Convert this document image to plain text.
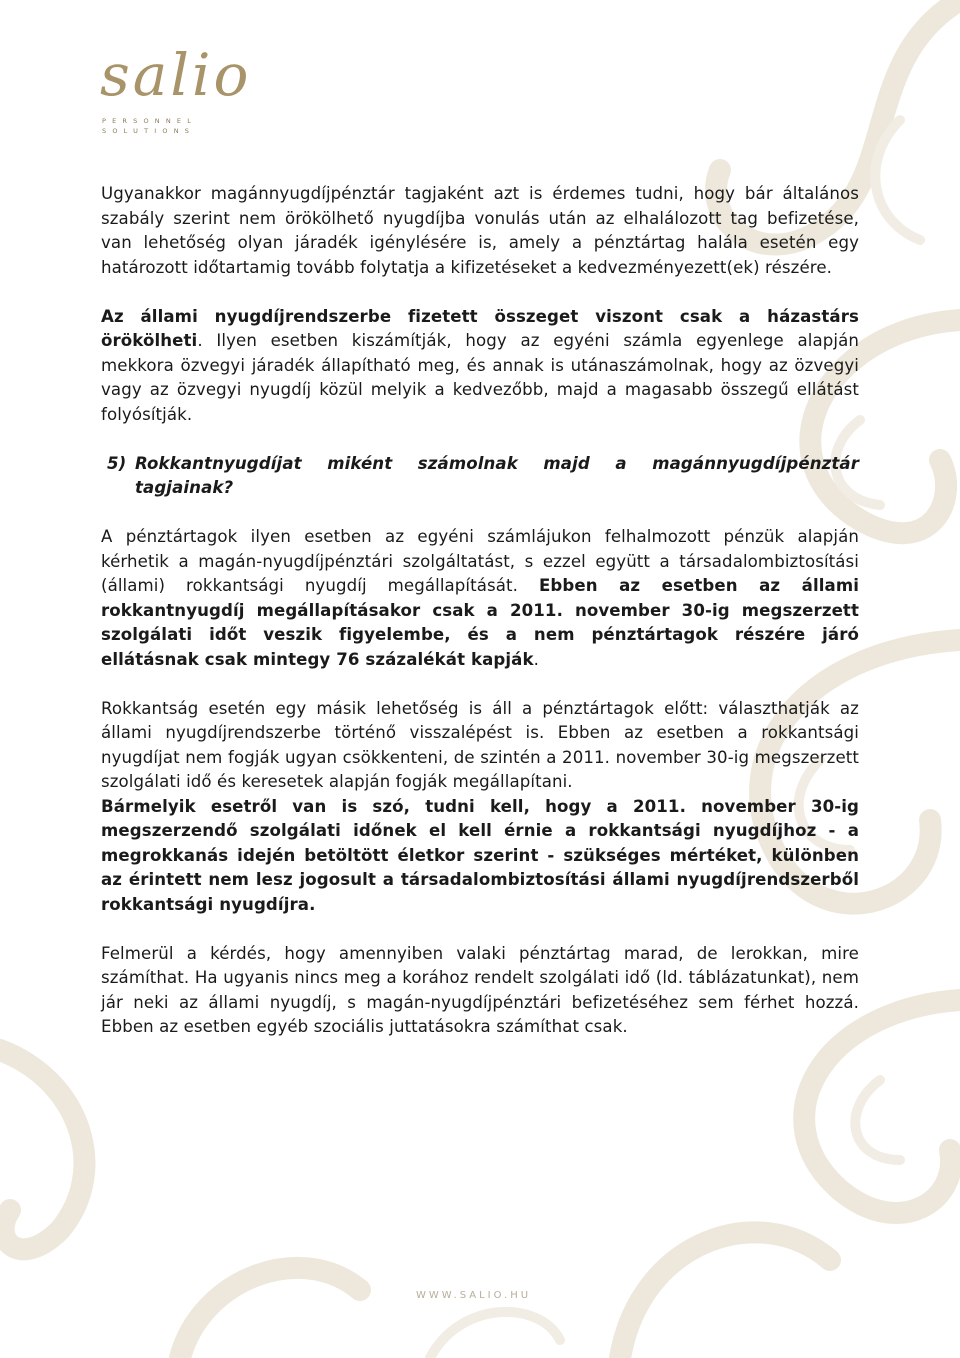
salio
PERSONNEL
SOLUTIONS

Ugyanakkor magánnyugdíjpénztár tagjaként azt is érdemes tudni, hogy bár általános szabály szerint nem örökölhető nyugdíjba vonulás után az elhalálozott tag befizetése, van lehetőség olyan járadék igénylésére is, amely a pénztártag halála esetén egy határozott időtartamig tovább folytatja a kifizetéseket a kedvezményezett(ek) részére.

Az állami nyugdíjrendszerbe fizetett összeget viszont csak a házastárs örökölheti. Ilyen esetben kiszámítják, hogy az egyéni számla egyenlege alapján mekkora özvegyi járadék állapítható meg, és annak is utánaszámolnak, hogy az özvegyi vagy az özvegyi nyugdíj közül melyik a kedvezőbb, majd a magasabb összegű ellátást folyósítják.

5) Rokkantnyugdíjat miként számolnak majd a magánnyugdíjpénztár tagjainak?

A pénztártagok ilyen esetben az egyéni számlájukon felhalmozott pénzük alapján kérhetik a magán-nyugdíjpénztári szolgáltatást, s ezzel együtt a társadalombiztosítási (állami) rokkantsági nyugdíj megállapítását. Ebben az esetben az állami rokkantnyugdíj megállapításakor csak a 2011. november 30-ig megszerzett szolgálati időt veszik figyelembe, és a nem pénztártagok részére járó ellátásnak csak mintegy 76 százalékát kapják.

Rokkantság esetén egy másik lehetőség is áll a pénztártagok előtt: választhatják az állami nyugdíjrendszerbe történő visszalépést is. Ebben az esetben a rokkantsági nyugdíjat nem fogják ugyan csökkenteni, de szintén a 2011. november 30-ig megszerzett szolgálati idő és keresetek alapján fogják megállapítani.

Bármelyik esetről van is szó, tudni kell, hogy a 2011. november 30-ig megszerzendő szolgálati időnek el kell érnie a rokkantsági nyugdíjhoz - a megrokkanás idején betöltött életkor szerint - szükséges mértéket, különben az érintett nem lesz jogosult a társadalombiztosítási állami nyugdíjrendszerből rokkantsági nyugdíjra.

Felmerül a kérdés, hogy amennyiben valaki pénztártag marad, de lerokkan, mire számíthat. Ha ugyanis nincs meg a korához rendelt szolgálati idő (ld. táblázatunkat), nem jár neki az állami nyugdíj, s magán-nyugdíjpénztári befizetéséhez sem férhet hozzá. Ebben az esetben egyéb szociális juttatásokra számíthat csak.

WWW.SALIO.HU
